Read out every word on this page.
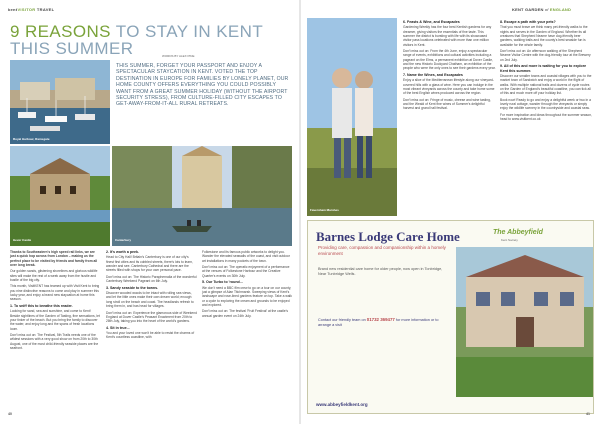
kentVISITOR TRAVEL
9 REASONS TO STAY IN KENT
THIS SUMMER	WORDS BY ALEX PINE
Royal Harbour, Ramsgate
THIS SUMMER, FORGET YOUR PASSPORT AND ENJOY A SPECTACULAR STAYCATION IN KENT. VOTED THE TOP DESTINATION IN EUROPE FOR FAMILIES BY LONELY PLANET, OUR HOME COUNTY OFFERS EVERYTHING YOU COULD POSSIBLY WANT FROM A GREAT SUMMER HOLIDAY (WITHOUT THE AIRPORT SECURITY STRESS), FROM CULTURE-FILLED CITY ESCAPES TO GET-AWAY-FROM-IT-ALL RURAL RETREATS.
Hever Castle	Canterbury

Thanks to Southeastern's high speed rail links, we are just a quick hop across from London – making us the perfect place to be visited by friends and family from all over long break.

Our golden sands, glistening shorelines and glorious wildlife sites will make the rest of a week away from the hustle and bustle of the big city.

This month, VisitKENT has teamed up with Visit Kent to bring you nine distinctive reasons to come and play in summer this lucky year, and enjoy a brand new staycation at home this season.

1. To sniff this to breathe this reader.

Looking for sand, sea and sunshine, and come to Kent! Beside sightlines of the Garden of Tasting, fine sensations, let your tinker of the beach. But you bring the family to discover the water, and enjoy long and the spans of fresh locations loom.

Don't miss out on: The Festival, 5th Trails needs one of the wildest sessions with a very good show on from 20th to 30th August, one of the most child-friendly seaside places are the seafront.

2. It's worth a peek.

Head to City Hall! Britain's Canterbury is one of our city's finest first cities and its cobbled streets, there's lots to learn, wander and see. Canterbury Cathedral and there are the streets filled with shops for your own personal pace.

Don't miss out on: The Historic Paraphernalia of the wonderful Canterbury Weekend Pageant on 6th July.

3. Sandy seaside to the towns.

Discover wooded woods to be intact with rolling sea views, and let the little ones make their own dream world; enough long stroll on the beach and coast. The headlands refresh to bring them in, and has head for villages.

Don't miss out on: Experience the glamorous side of Weekend England at Dover Castle's Peasant Enactment from 20th to 28th July, taking you into the heart of the world's gardens.

4. Sit in true...

You and your loved one won't be able to resist the charms of Kent's countless coastline, with

Folkestone and its famous public artworks to delight you. Wander the elevated seawalls of the coast, and visit outdoor art installations in many pockets of the town.

Don't miss out on: The operatic enjoyment of a performance at the venues of Folkestone Harbour and the Creative Quarter's events on 30th July.

5. Our Turbo to 'round...

We don't need a BBC film crew to go on a tour on our county, just a glimpse of Alan Titchmarsh. Sweeping views of Kent's landscape and rose-lined gardens feature on top. Take a walk or a cycle to exploring the cream and grounds to be enjoyed and explored.

Don't miss out on: The festival 'Fruit Festival' at the castle's annual garden event on 24th July.

40
KENT GARDEN of ENGLAND
Faversham Marshes
6. Feasts & Wine, and Escapades

Gardening Weekly has the four best Kentish gardens for any dreamer, giving visitors the essentials of fine taste. This summer the district is bursting with life with its showcased visitor pass locations celebrated with more than one million visitors in Kent.

Don't miss out on: From the 4th June, enjoy a spectacular range of events, exhibitions and cultural activities including a pageant on the Elms, a permanent exhibition at Dover Castle, and the new Historic Dockyard Chatham, an exhibition of the people who were the only ones to see their gardens every year.

7. Name the Wines, and Escapades

Enjoy a slice of the Mediterranean lifestyle along our vineyard-covered hills with a glass of wine. Here you can indulge in the most vibrant vineyards across the county and take home some of the best English wines produced across the region.

Don't miss out on: Fringe of music, cheese and wine tasting, and the Weald of Kent fine wines of Summer's delightful harvest and grand hall festival.

8. Escape a path with your pets?

That you must brave we think many pet-friendly walks to the nights and serves in the Garden of England. Whether its all creatures that Shepherd Neame have dog-friendly beer gardens, walking trails and the county's best seaside fun is available for the whole family.

Don't miss out on: An afternoon walking of the Shepherd Neame Visitor Centre with the dog-friendly tour at the Brewery on 2nd July.

9. All of this and more is waiting for you to explore Kent this summer.

Discover our smaller towns and coastal villages with you to the market town of Sandwich and enjoy a world in the flight of walks. With multiple national trails and dozens of cycle routes on the Garden of England's beautiful coastline, you can tick all of this and much more off your holiday list.

Book now! Ready to go and enjoy a delightful week or two in a lovely rural cottage, wander through the vineyards or simply enjoy the wildlife scenery in the countryside and coastal seas.

For more inspiration and ideas throughout the summer season, head to www.visitkent.co.uk

Barnes Lodge Care Home
Providing care, compassion and companionship within a homely environment
Brand new residential care home for older people, now open in Tonbridge, Near Tunbridge Wells.
Contact our friendly team on 01732 369477 for more information or to arrange a visit
The Abbeyfield
Kent Society
www.abbeyfieldkent.org
41
